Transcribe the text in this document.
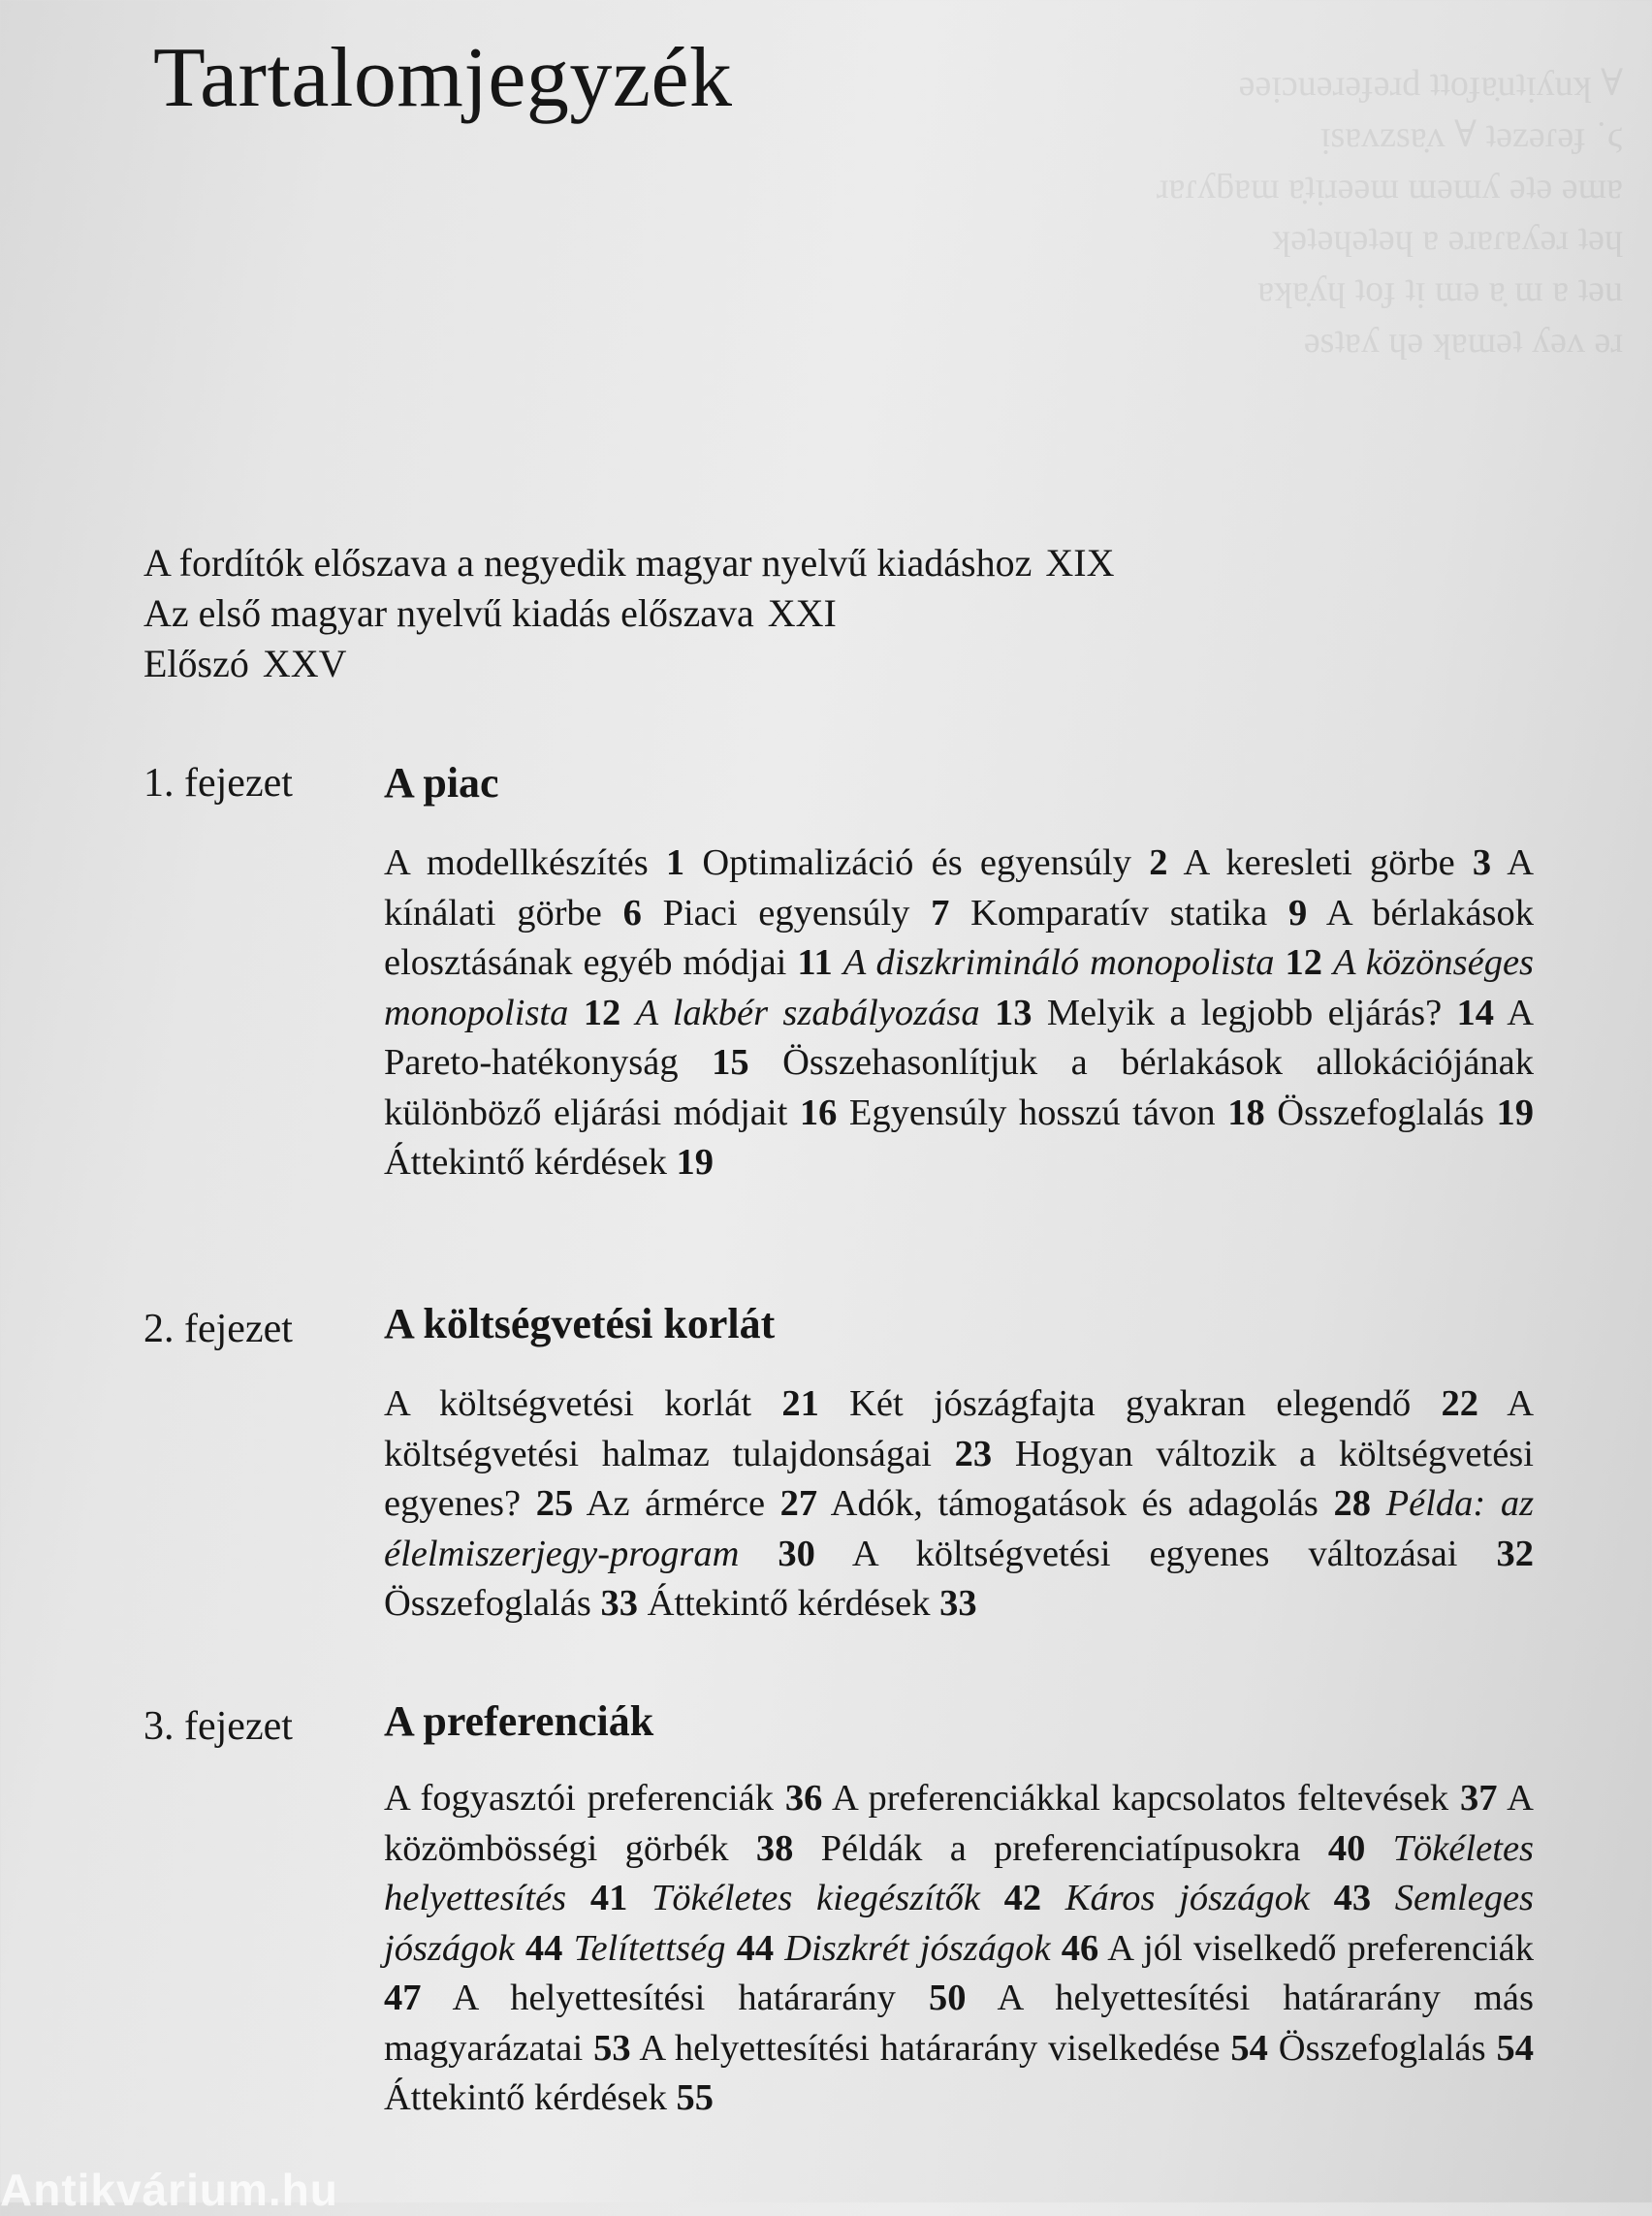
ǝǝᴉɔuǝɹǝɟǝɹd ʇʇoɟɐ̣uʇᴉʎuʞ ∀
ᴉsɐʌzsɐ̣ʌ ∀ ʇǝzǝɾǝɟ ˙ϛ
ɹɐɾʎƃɐɯ ɐ̣ʇᴉɹǝǝɯ ɯǝɯʎ ǝʇǝ ǝɯɐ
ʞǝʇǝɥǝʇǝɥ ɐ ǝɹɐɾɐʎǝɹ ʇǝɥ
ɐʞɐ̣ʎɥ ʇoɟ ʇᴉ ɯǝ ɐ̣ ɯ ɐ ʇǝu
ǝsʇɐʎ ɥǝ ʞɐɯǝʇ ʎǝʌ ǝɹ
Tartalomjegyzék
A fordítók előszava a negyedik magyar nyelvű kiadáshoz XIX
Az első magyar nyelvű kiadás előszava XXI
Előszó XXV
1. fejezet A piac
A modellkészítés 1 Optimalizáció és egyensúly 2 A keresleti görbe 3 A kínálati görbe 6 Piaci egyensúly 7 Komparatív statika 9 A bérlakások elosztásának egyéb módjai 11 A diszkrimináló monopolista 12 A közönséges monopolista 12 A lakbér szabályozása 13 Melyik a legjobb eljárás? 14 A Pareto-hatékonyság 15 Összehasonlítjuk a bérlakások allokációjának különböző eljárási módjait 16 Egyensúly hosszú távon 18 Összefoglalás 19 Áttekintő kérdések 19
2. fejezet A költségvetési korlát
A költségvetési korlát 21 Két jószágfajta gyakran elegendő 22 A költségvetési halmaz tulajdonságai 23 Hogyan változik a költségvetési egyenes? 25 Az ármérce 27 Adók, támogatások és adagolás 28 Példa: az élelmiszerjegy-program 30 A költségvetési egyenes változásai 32 Összefoglalás 33 Áttekintő kérdések 33
3. fejezet A preferenciák
A fogyasztói preferenciák 36 A preferenciákkal kapcsolatos feltevések 37 A közömbösségi görbék 38 Példák a preferenciatípusokra 40 Tökéletes helyettesítés 41 Tökéletes kiegészítők 42 Káros jószágok 43 Semleges jószágok 44 Telítettség 44 Diszkrét jószágok 46 A jól viselkedő preferenciák 47 A helyettesítési határarány 50 A helyettesítési határarány más magyarázatai 53 A helyettesítési határarány viselkedése 54 Összefoglalás 54 Áttekintő kérdések 55
Antikvárium.hu
